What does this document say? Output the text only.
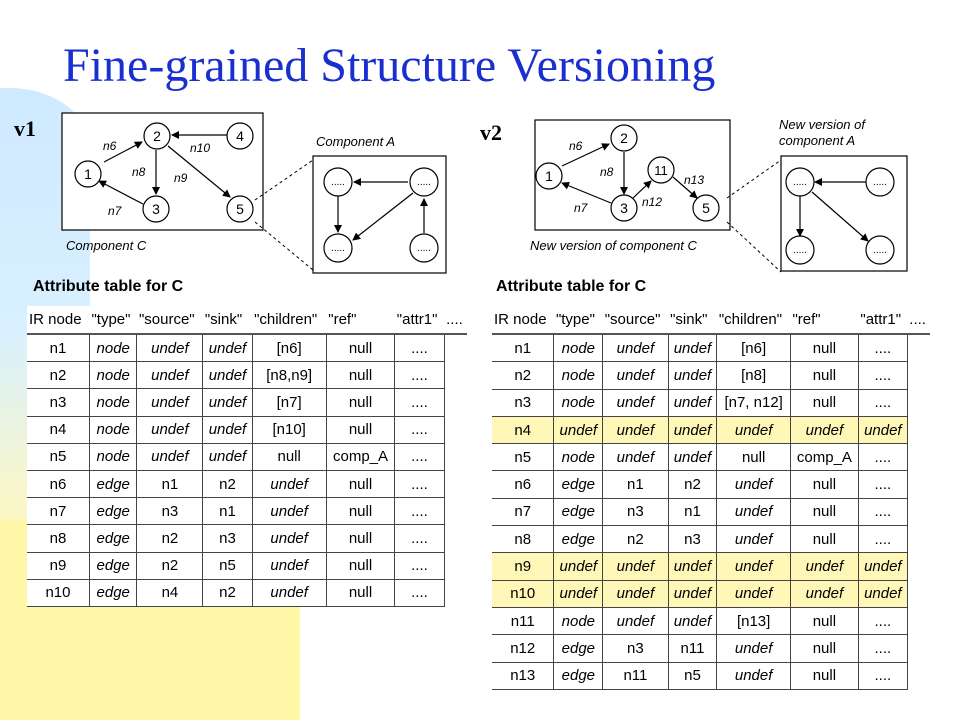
Fine-grained Structure Versioning
v1	v2
1
2
3
4
5
n6
n8
n10
n9
n7
Component C
Component A
.....	.....
.....	.....
1
2
3
11
5
n6
n8
n7	n12
n13
New version of component C
New version of
component A
.....	.....
.....	.....
Attribute table for C
IR node	"type"	"source"	"sink"	"children"	"ref"	"attr1"	....
n1	node	undef	undef	[n6]	null	....	
n2	node	undef	undef	[n8,n9]	null	....	
n3	node	undef	undef	[n7]	null	....	
n4	node	undef	undef	[n10]	null	....	
n5	node	undef	undef	null	comp_A	....	
n6	edge	n1	n2	undef	null	....	
n7	edge	n3	n1	undef	null	....	
n8	edge	n2	n3	undef	null	....	
n9	edge	n2	n5	undef	null	....	
n10	edge	n4	n2	undef	null	....	
Attribute table for C
IR node	"type"	"source"	"sink"	"children"	"ref"	"attr1"	....
n1	node	undef	undef	[n6]	null	....	
n2	node	undef	undef	[n8]	null	....	
n3	node	undef	undef	[n7, n12]	null	....	
n4	undef	undef	undef	undef	undef	undef	
n5	node	undef	undef	null	comp_A	....	
n6	edge	n1	n2	undef	null	....	
n7	edge	n3	n1	undef	null	....	
n8	edge	n2	n3	undef	null	....	
n9	undef	undef	undef	undef	undef	undef	
n10	undef	undef	undef	undef	undef	undef	
n11	node	undef	undef	[n13]	null	....	
n12	edge	n3	n11	undef	null	....	
n13	edge	n11	n5	undef	null	....	
